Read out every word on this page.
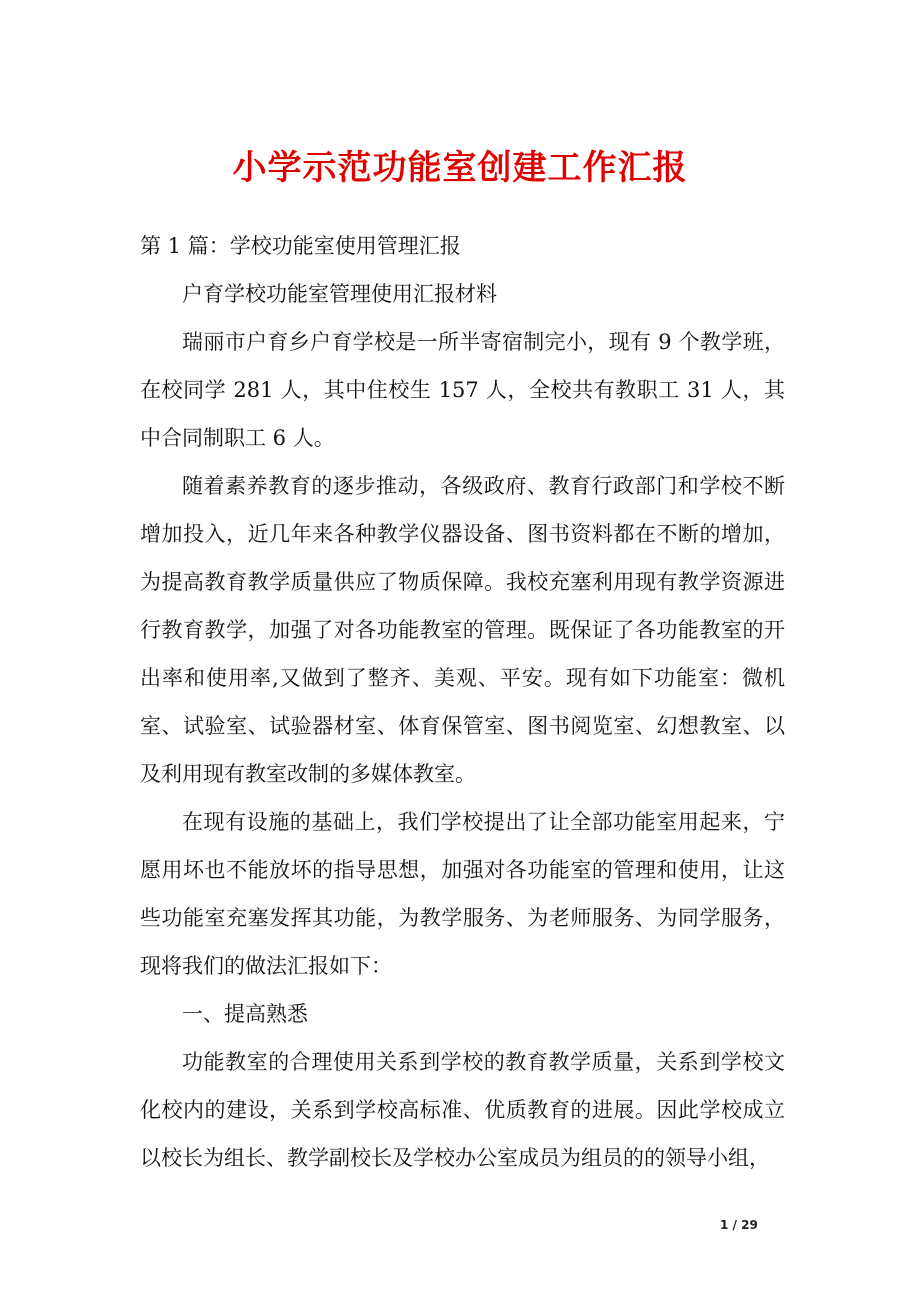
小学示范功能室创建工作汇报

第 1 篇：学校功能室使用管理汇报

户育学校功能室管理使用汇报材料

瑞丽市户育乡户育学校是一所半寄宿制完小，现有 9 个教学班，在校同学 281 人，其中住校生 157 人，全校共有教职工 31 人，其中合同制职工 6 人。

随着素养教育的逐步推动，各级政府、教育行政部门和学校不断增加投入，近几年来各种教学仪器设备、图书资料都在不断的增加，为提高教育教学质量供应了物质保障。我校充塞利用现有教学资源进行教育教学，加强了对各功能教室的管理。既保证了各功能教室的开出率和使用率,又做到了整齐、美观、平安。现有如下功能室：微机室、试验室、试验器材室、体育保管室、图书阅览室、幻想教室、以及利用现有教室改制的多媒体教室。

在现有设施的基础上，我们学校提出了让全部功能室用起来，宁愿用坏也不能放坏的指导思想，加强对各功能室的管理和使用，让这些功能室充塞发挥其功能，为教学服务、为老师服务、为同学服务，现将我们的做法汇报如下：

一、提高熟悉

功能教室的合理使用关系到学校的教育教学质量，关系到学校文化校内的建设，关系到学校高标准、优质教育的进展。因此学校成立以校长为组长、教学副校长及学校办公室成员为组员的的领导小组，

1 / 29
